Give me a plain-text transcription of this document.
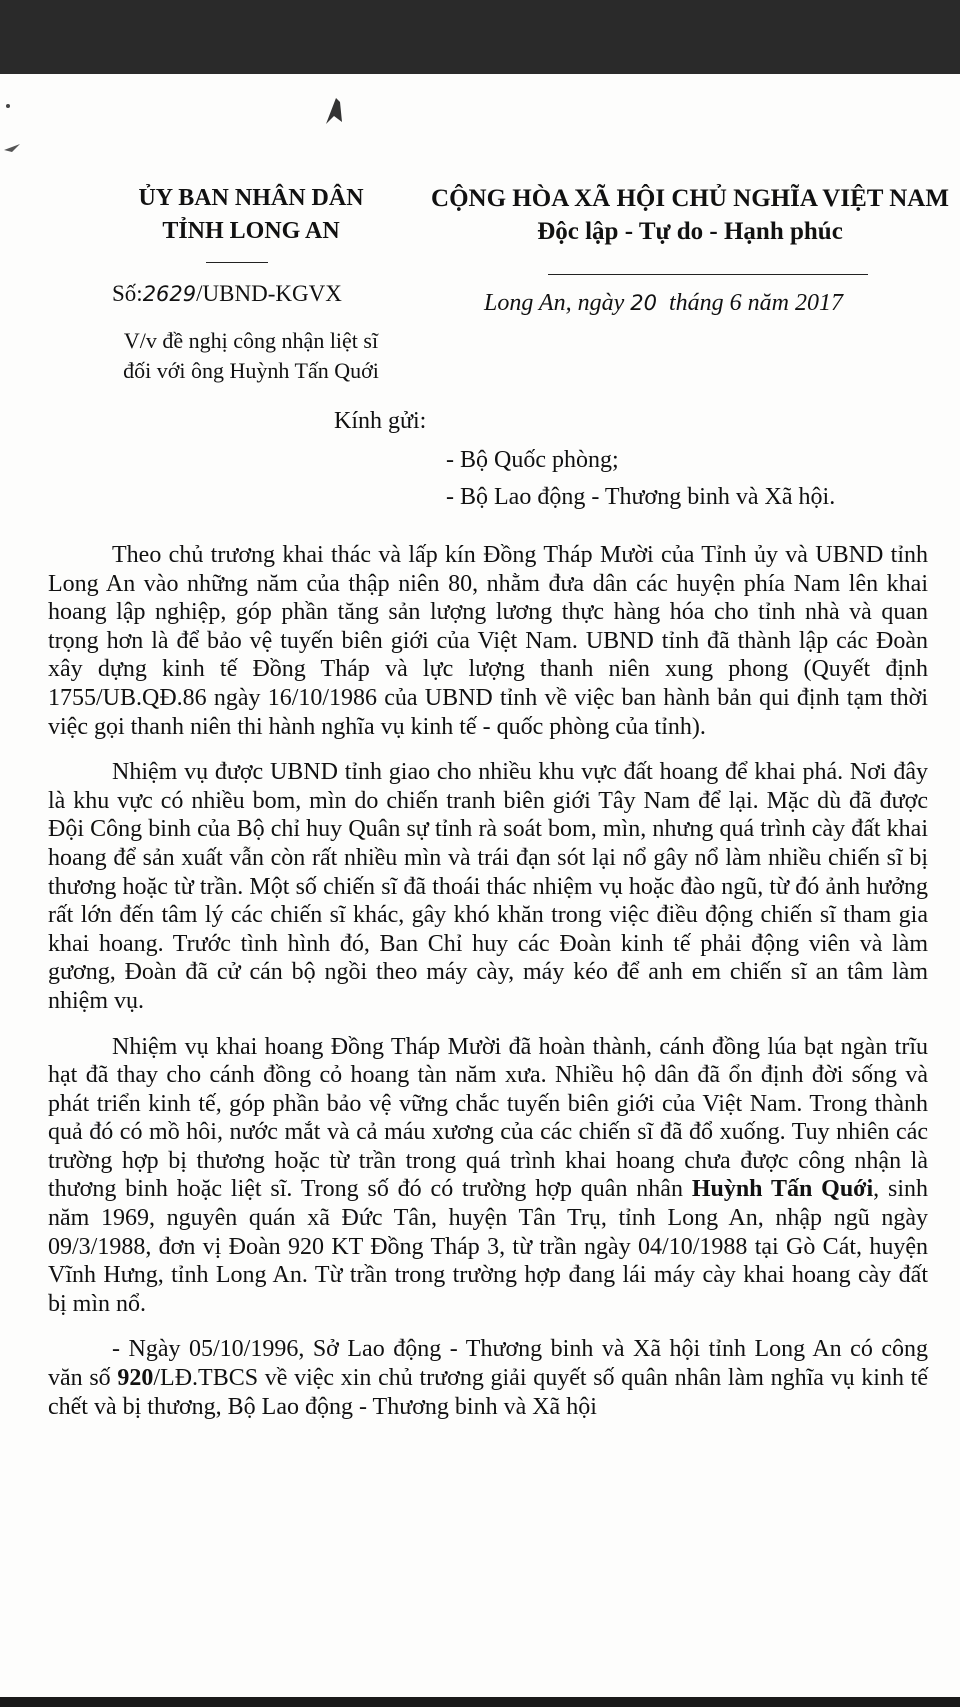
ỦY BAN NHÂN DÂN
TỈNH LONG AN
CỘNG HÒA XÃ HỘI CHỦ NGHĨA VIỆT NAM
Độc lập - Tự do - Hạnh phúc
Số:2629/UBND-KGVX	Long An, ngày 20  tháng 6 năm 2017
V/v đề nghị công nhận liệt sĩ
đối với ông Huỳnh Tấn Quới
Kính gửi:
- Bộ Quốc phòng;
- Bộ Lao động - Thương binh và Xã hội.

Theo chủ trương khai thác và lấp kín Đồng Tháp Mười của Tỉnh ủy và UBND tỉnh Long An vào những năm của thập niên 80, nhằm đưa dân các huyện phía Nam lên khai hoang lập nghiệp, góp phần tăng sản lượng lương thực hàng hóa cho tỉnh nhà và quan trọng hơn là để bảo vệ tuyến biên giới của Việt Nam. UBND tỉnh đã thành lập các Đoàn xây dựng kinh tế Đồng Tháp và lực lượng thanh niên xung phong (Quyết định 1755/UB.QĐ.86 ngày 16/10/1986 của UBND tỉnh về việc ban hành bản qui định tạm thời việc gọi thanh niên thi hành nghĩa vụ kinh tế - quốc phòng của tỉnh).

Nhiệm vụ được UBND tỉnh giao cho nhiều khu vực đất hoang để khai phá. Nơi đây là khu vực có nhiều bom, mìn do chiến tranh biên giới Tây Nam để lại. Mặc dù đã được Đội Công binh của Bộ chỉ huy Quân sự tỉnh rà soát bom, mìn, nhưng quá trình cày đất khai hoang để sản xuất vẫn còn rất nhiều mìn và trái đạn sót lại nổ gây nổ làm nhiều chiến sĩ bị thương hoặc từ trần. Một số chiến sĩ đã thoái thác nhiệm vụ hoặc đào ngũ, từ đó ảnh hưởng rất lớn đến tâm lý các chiến sĩ khác, gây khó khăn trong việc điều động chiến sĩ tham gia khai hoang. Trước tình hình đó, Ban Chỉ huy các Đoàn kinh tế phải động viên và làm gương, Đoàn đã cử cán bộ ngồi theo máy cày, máy kéo để anh em chiến sĩ an tâm làm nhiệm vụ.

Nhiệm vụ khai hoang Đồng Tháp Mười đã hoàn thành, cánh đồng lúa bạt ngàn trĩu hạt đã thay cho cánh đồng cỏ hoang tàn năm xưa. Nhiều hộ dân đã ổn định đời sống và phát triển kinh tế, góp phần bảo vệ vững chắc tuyến biên giới của Việt Nam. Trong thành quả đó có mồ hôi, nước mắt và cả máu xương của các chiến sĩ đã đổ xuống. Tuy nhiên các trường hợp bị thương hoặc từ trần trong quá trình khai hoang chưa được công nhận là thương binh hoặc liệt sĩ. Trong số đó có trường hợp quân nhân Huỳnh Tấn Quới, sinh năm 1969, nguyên quán xã Đức Tân, huyện Tân Trụ, tỉnh Long An, nhập ngũ ngày 09/3/1988, đơn vị Đoàn 920 KT Đồng Tháp 3, từ trần ngày 04/10/1988 tại Gò Cát, huyện Vĩnh Hưng, tỉnh Long An. Từ trần trong trường hợp đang lái máy cày khai hoang cày đất bị mìn nổ.

- Ngày 05/10/1996, Sở Lao động - Thương binh và Xã hội tỉnh Long An có công văn số 920/LĐ.TBCS về việc xin chủ trương giải quyết số quân nhân làm nghĩa vụ kinh tế chết và bị thương, Bộ Lao động - Thương binh và Xã hội
